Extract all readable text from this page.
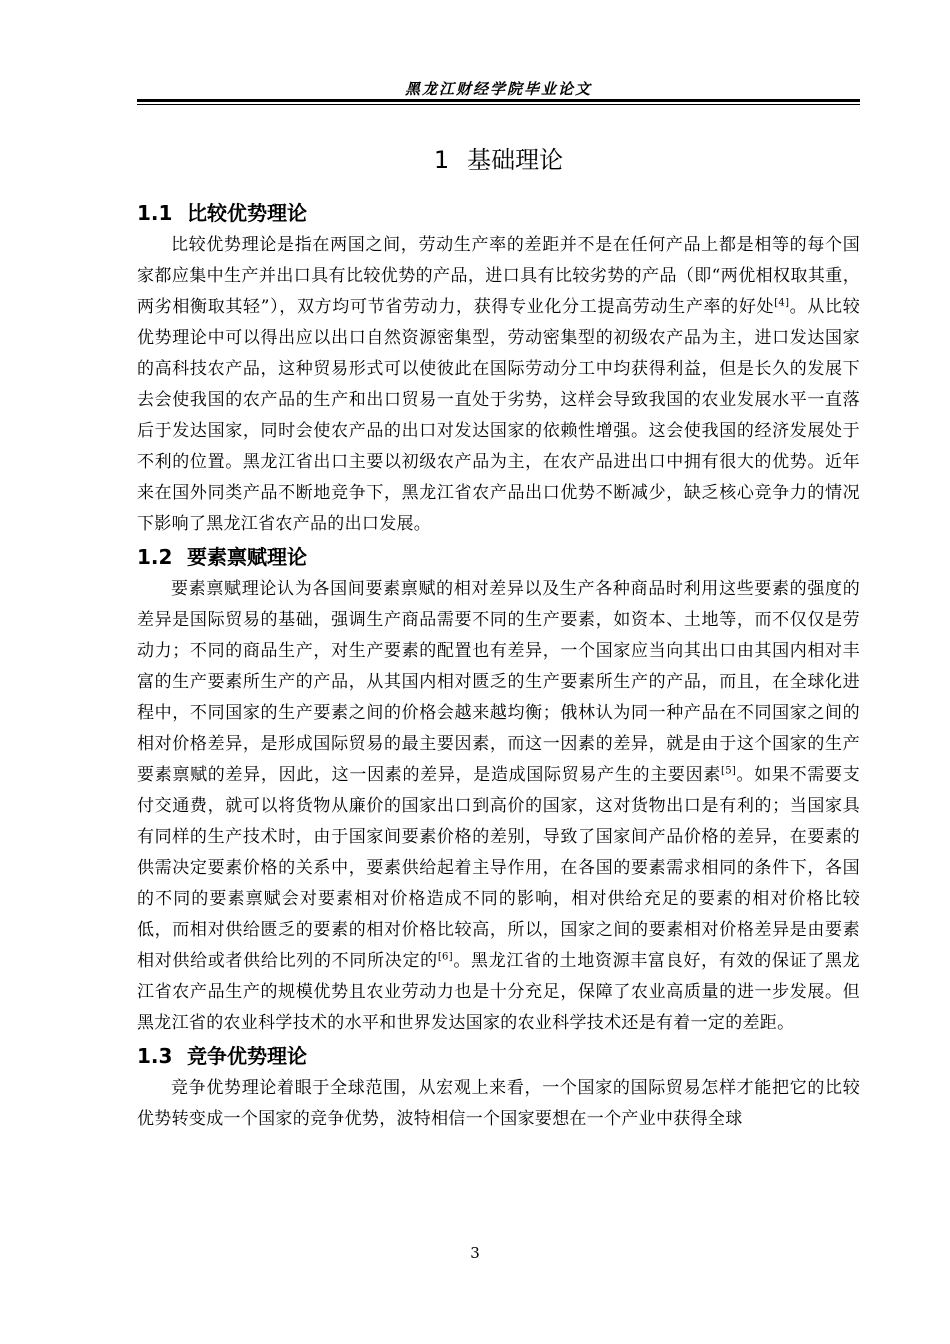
黑龙江财经学院毕业论文
1 基础理论
1.1 比较优势理论

比较优势理论是指在两国之间，劳动生产率的差距并不是在任何产品上都是相等的每个国家都应集中生产并出口具有比较优势的产品，进口具有比较劣势的产品（即“两优相权取其重，两劣相衡取其轻”），双方均可节省劳动力，获得专业化分工提高劳动生产率的好处[4]。从比较优势理论中可以得出应以出口自然资源密集型，劳动密集型的初级农产品为主，进口发达国家的高科技农产品，这种贸易形式可以使彼此在国际劳动分工中均获得利益，但是长久的发展下去会使我国的农产品的生产和出口贸易一直处于劣势，这样会导致我国的农业发展水平一直落后于发达国家，同时会使农产品的出口对发达国家的依赖性增强。这会使我国的经济发展处于不利的位置。黑龙江省出口主要以初级农产品为主，在农产品进出口中拥有很大的优势。近年来在国外同类产品不断地竞争下，黑龙江省农产品出口优势不断减少，缺乏核心竞争力的情况下影响了黑龙江省农产品的出口发展。

1.2 要素禀赋理论

要素禀赋理论认为各国间要素禀赋的相对差异以及生产各种商品时利用这些要素的强度的差异是国际贸易的基础，强调生产商品需要不同的生产要素，如资本、土地等，而不仅仅是劳动力；不同的商品生产，对生产要素的配置也有差异，一个国家应当向其出口由其国内相对丰富的生产要素所生产的产品，从其国内相对匮乏的生产要素所生产的产品，而且，在全球化进程中，不同国家的生产要素之间的价格会越来越均衡；俄林认为同一种产品在不同国家之间的相对价格差异，是形成国际贸易的最主要因素，而这一因素的差异，就是由于这个国家的生产要素禀赋的差异，因此，这一因素的差异，是造成国际贸易产生的主要因素[5]。如果不需要支付交通费，就可以将货物从廉价的国家出口到高价的国家，这对货物出口是有利的；当国家具有同样的生产技术时，由于国家间要素价格的差别，导致了国家间产品价格的差异，在要素的供需决定要素价格的关系中，要素供给起着主导作用，在各国的要素需求相同的条件下，各国的不同的要素禀赋会对要素相对价格造成不同的影响，相对供给充足的要素的相对价格比较低，而相对供给匮乏的要素的相对价格比较高，所以，国家之间的要素相对价格差异是由要素相对供给或者供给比列的不同所决定的[6]。黑龙江省的土地资源丰富良好，有效的保证了黑龙江省农产品生产的规模优势且农业劳动力也是十分充足，保障了农业高质量的进一步发展。但黑龙江省的农业科学技术的水平和世界发达国家的农业科学技术还是有着一定的差距。

1.3 竞争优势理论

竞争优势理论着眼于全球范围，从宏观上来看，一个国家的国际贸易怎样才能把它的比较优势转变成一个国家的竞争优势，波特相信一个国家要想在一个产业中获得全球

3
